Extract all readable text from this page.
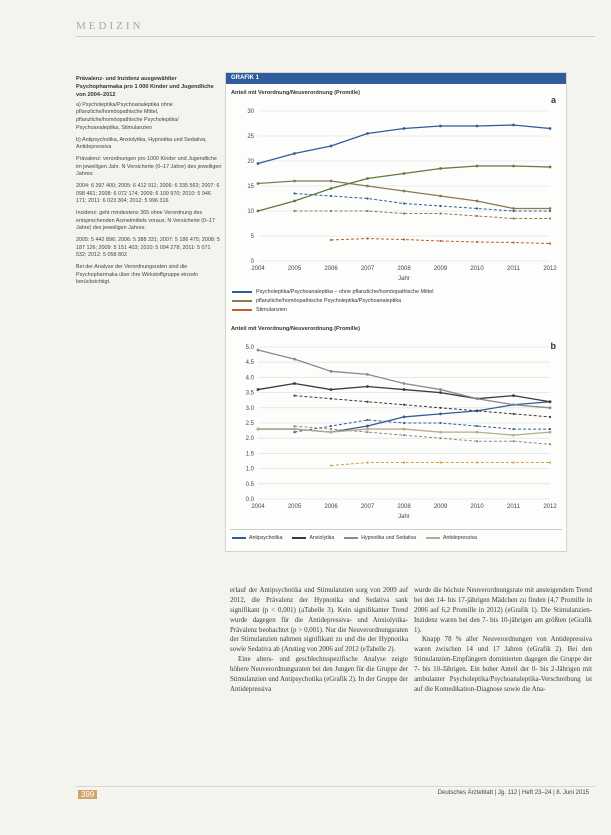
MEDIZIN
Prävalenz- und Inzidenz ausgewählter Psychopharmaka pro 1 000 Kinder und Jugendliche von 2004–2012

a) Psycholeptika/Psychoanaleptika ohne pflanzliche/homöopathische Mittel, pflanzliche/homöopathische Psycholeptika/ Psychoanaleptika, Stimulanzien

b) Antipsychotika, Anxiolytika, Hypnotika und Sedativa, Antidepressiva

Prävalenz: verordnungen pro 1000 Kinder und Jugendliche im jeweiligen Jahr. N Versicherte (0–17 Jahre) des jeweiligen Jahres:

2004: 6 397 400; 2005: 6 412 911; 2006: 6 335 563; 2007: 6 098 461; 2008: 6 072 174; 2009: 6 109 970; 2010: 5 946 171; 2011: 6 023 304; 2012: 5 996 316

Inzidenz: geht mindestens 365 ohne Verordnung des entsprechenden Arzneimittels voraus; N Versicherte (0–17 Jahre) des jeweiligen Jahres:

2005: 5 442 896; 2006: 5 388 331; 2007: 5 186 475; 2008: 5 187 126; 2009: 5 151 403; 2010: 5 094 278; 2011: 5 071 532; 2012: 5 058 802

Bei der Analyse der Verordnungsraten sind die Psychopharmaka über ihre Wirkstoffgruppe einzeln berücksichtigt.

GRAFIK 1
Anteil mit Verordnung/Neuverordnung (Promille)
a
0
5
10
15
20
25
30
2004	2005	2006	2007	2008	2009	2010	2011	2012
Jahr
Psycholeptika/Psychoanaleptika – ohne pflanzliche/homöopathische Mittel
pflanzliche/homöopathische Psycholeptika/Psychoanaleptika
Stimulanzien
Anteil mit Verordnung/Neuverordnung (Promille)
b
0.0
0.5
1.0
1.5
2.0
2.5
3.0
3.5
4.0
4.5
5.0
2004	2005	2006	2007	2008	2009	2010	2011	2012
Jahr
Antipsychotika	Anxiolytika	Hypnotika und Sedativa	Antidepressiva

erlauf der Antipsychotika und Stimulanzien sorg von 2009 auf 2012, die Prävalenz der Hypnotika und Sedativa sank signifikant (p < 0,001) (aTabelle 3). Kein signifikanter Trend wurde dagegen für die Antidepressiva- und Anxiolytika-Prävalenz beobachtet (p > 0,001). Nur die Neuverordnungsraten der Stimulanzien nahmen signifikant zu und die der Hypnotika sowie Sedativa ab (Anstieg von 2006 auf 2012 (eTabelle 2).

Eine alters- und geschlechtsspezifische Analyse zeigte höhere Neuverordnungsraten bei den Jungen für die Gruppe der Stimulanzien und Antipsychotika (eGrafik 2). In der Gruppe der Antidepressiva

wurde die höchste Neuverordnungsrate mit ansteigendem Trend bei den 14- bis 17-jährigen Mädchen zu finden (4,7 Promille in 2006 auf 6,2 Promille in 2012) (eGrafik 1). Die Stimulanzien-Inzidenz waren bei den 7- bis 10-jährigen am größten (eGrafik 1).

Knapp 78 % aller Neuverordnungen von Antidepressiva waren zwischen 14 und 17 Jahren (eGrafik 2). Bei den Stimulanzien-Empfängern dominierten dagegen die Gruppe der 7- bis 10-Jährigen. Ein hoher Anteil der 0- bis 2-Jährigen mit ambulanter Psycholeptika/Psychoanaleptika-Verschreibung ist auf die Komedikation-Diagnose sowie die Ana-

399	Deutsches Ärzteblatt | Jg. 112 | Heft 23–24 | 8. Juni 2015
